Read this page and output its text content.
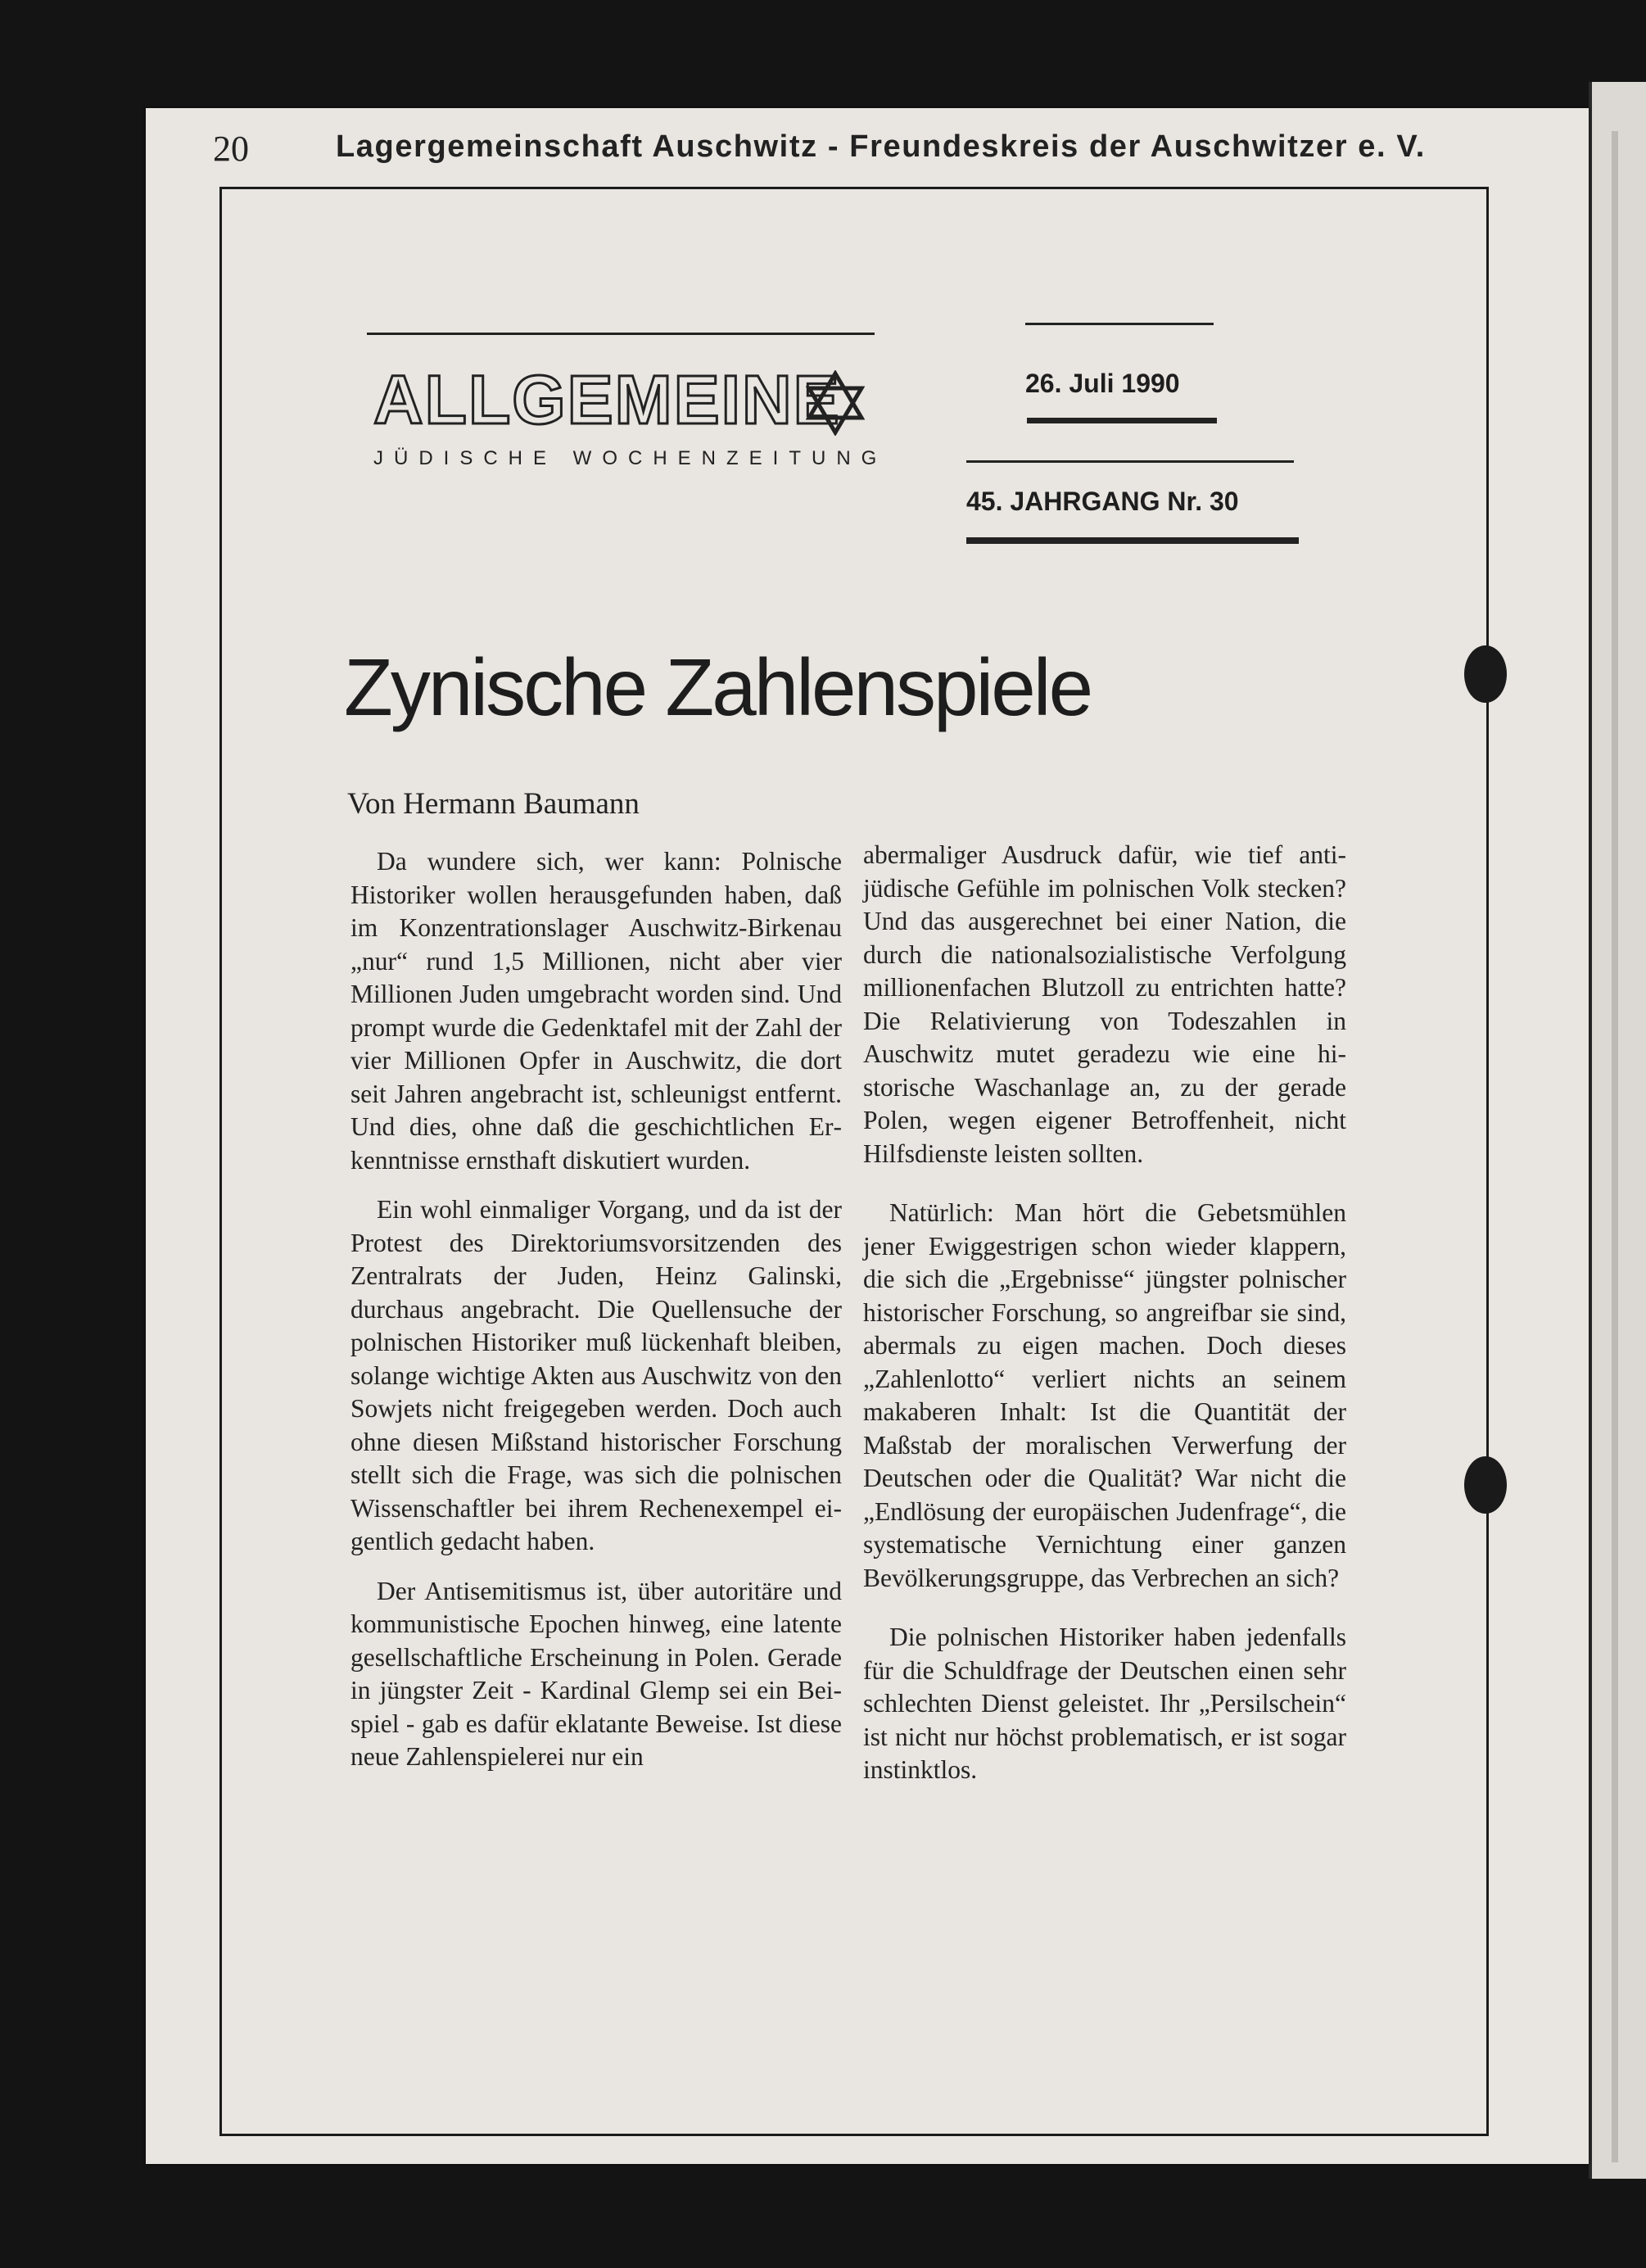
20	Lagergemeinschaft Auschwitz - Freundeskreis der Auschwitzer e. V.
ALLGEMEINE
JÜDISCHE WOCHENZEITUNG
26. Juli 1990
45. JAHRGANG Nr. 30
Zynische Zahlenspiele
Von Hermann Baumann

Da wundere sich, wer kann: Polnische Historiker wollen herausgefunden haben, daß im Konzentrationslager Auschwitz-Birkenau „nur“ rund 1,5 Millionen, nicht aber vier Millionen Juden umgebracht worden sind. Und prompt wurde die Gedenktafel mit der Zahl der vier Millionen Opfer in Auschwitz, die dort seit Jahren angebracht ist, schleunigst entfernt. Und dies, ohne daß die geschichtlichen Erkenntnisse ernsthaft diskutiert wurden.

Ein wohl einmaliger Vorgang, und da ist der Protest des Direktoriumsvorsitzenden des Zentralrats der Juden, Heinz Galinski, durchaus angebracht. Die Quellensuche der polnischen Historiker muß lückenhaft bleiben, solange wichtige Akten aus Auschwitz von den Sowjets nicht freigegeben werden. Doch auch ohne diesen Mißstand historischer Forschung stellt sich die Frage, was sich die polnischen Wissenschaftler bei ihrem Rechenexempel eigentlich gedacht haben.

Der Antisemitismus ist, über autoritäre und kommunistische Epochen hinweg, eine latente gesellschaftliche Erscheinung in Polen. Gerade in jüngster Zeit - Kardinal Glemp sei ein Beispiel - gab es dafür eklatante Beweise. Ist diese neue Zahlenspielerei nur ein

abermaliger Ausdruck dafür, wie tief anti-jüdische Gefühle im polnischen Volk stecken? Und das ausgerechnet bei einer Nation, die durch die nationalsozialistische Verfolgung millionenfachen Blutzoll zu entrichten hatte? Die Relativierung von Todeszahlen in Auschwitz mutet geradezu wie eine historische Waschanlage an, zu der gerade Polen, wegen eigener Betroffenheit, nicht Hilfsdienste leisten sollten.

Natürlich: Man hört die Gebetsmühlen jener Ewiggestrigen schon wieder klappern, die sich die „Ergebnisse“ jüngster polnischer historischer Forschung, so angreifbar sie sind, abermals zu eigen machen. Doch dieses „Zahlenlotto“ verliert nichts an seinem makaberen Inhalt: Ist die Quantität der Maßstab der moralischen Verwerfung der Deutschen oder die Qualität? War nicht die „Endlösung der europäischen Judenfrage“, die systematische Vernichtung einer ganzen Bevölkerungsgruppe, das Verbrechen an sich?

Die polnischen Historiker haben jedenfalls für die Schuldfrage der Deutschen einen sehr schlechten Dienst geleistet. Ihr „Persilschein“ ist nicht nur höchst problematisch, er ist sogar instinktlos.
